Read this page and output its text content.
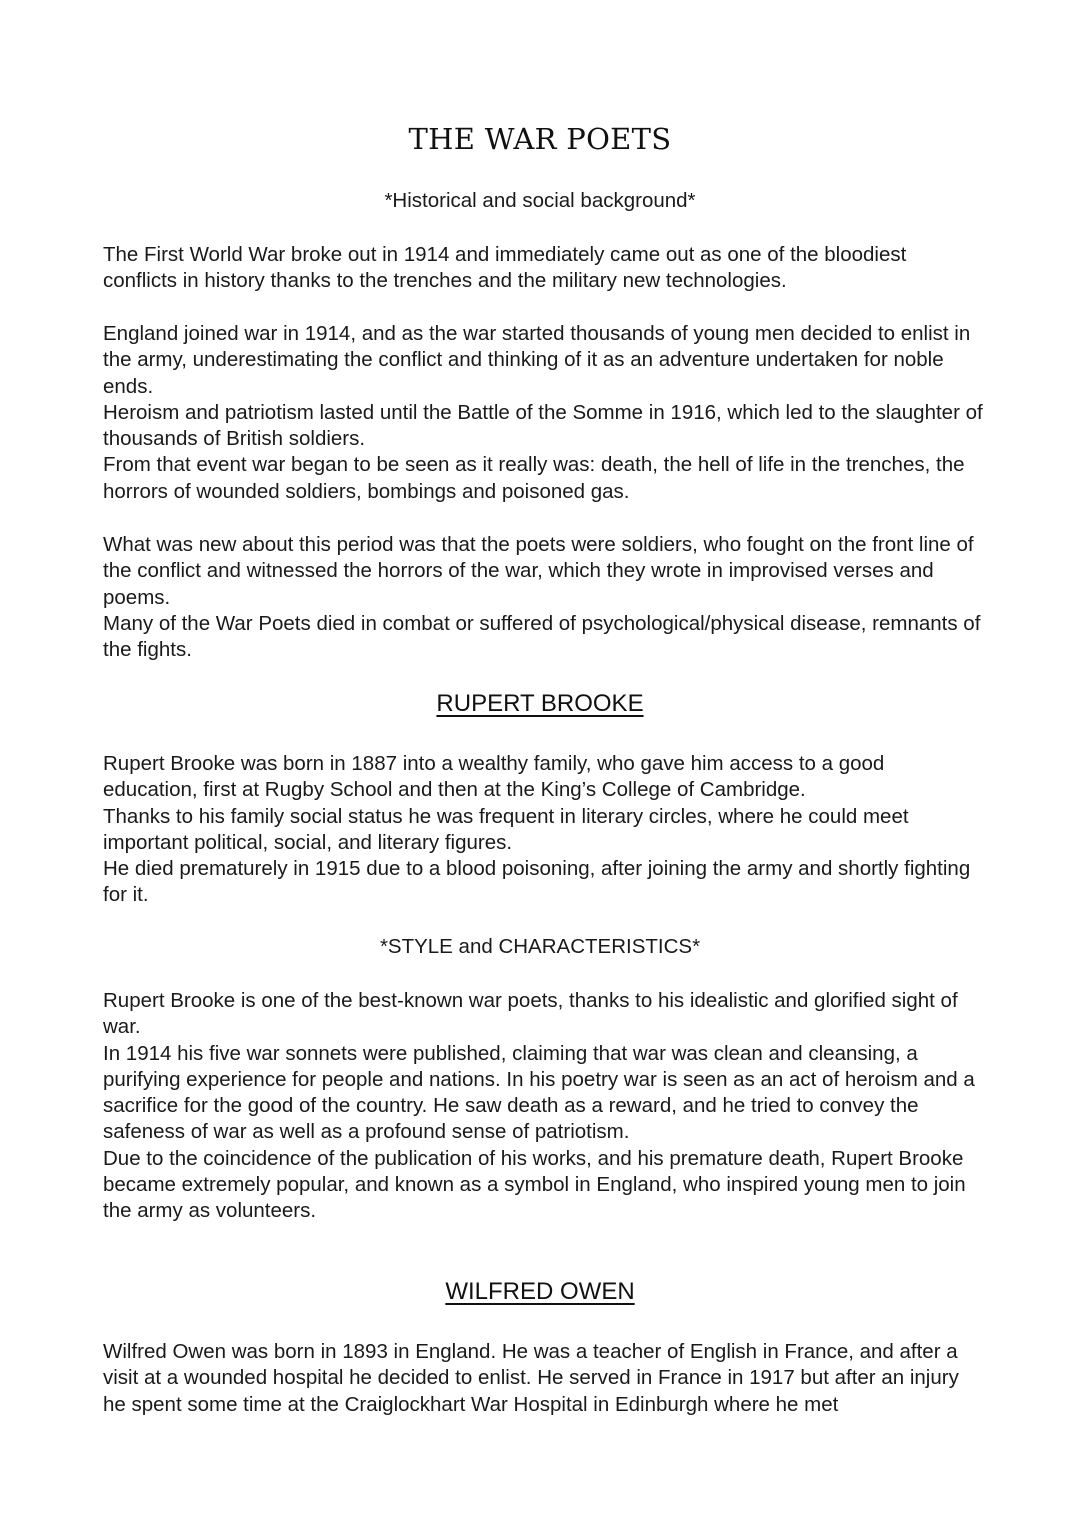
THE WAR POETS
*Historical and social background*

The First World War broke out in 1914 and immediately came out as one of the bloodiest conflicts in history thanks to the trenches and the military new technologies.

England joined war in 1914, and as the war started thousands of young men decided to enlist in the army, underestimating the conflict and thinking of it as an adventure undertaken for noble ends.

Heroism and patriotism lasted until the Battle of the Somme in 1916, which led to the slaughter of thousands of British soldiers.

From that event war began to be seen as it really was: death, the hell of life in the trenches, the horrors of wounded soldiers, bombings and poisoned gas.

What was new about this period was that the poets were soldiers, who fought on the front line of the conflict and witnessed the horrors of the war, which they wrote in improvised verses and poems.

Many of the War Poets died in combat or suffered of psychological/physical disease, remnants of the fights.

RUPERT BROOKE

Rupert Brooke was born in 1887 into a wealthy family, who gave him access to a good education, first at Rugby School and then at the King’s College of Cambridge.

Thanks to his family social status he was frequent in literary circles, where he could meet important political, social, and literary figures.

He died prematurely in 1915 due to a blood poisoning, after joining the army and shortly fighting for it.

*STYLE and CHARACTERISTICS*

Rupert Brooke is one of the best-known war poets, thanks to his idealistic and glorified sight of war.

In 1914 his five war sonnets were published, claiming that war was clean and cleansing, a purifying experience for people and nations. In his poetry war is seen as an act of heroism and a sacrifice for the good of the country. He saw death as a reward, and he tried to convey the safeness of war as well as a profound sense of patriotism.

Due to the coincidence of the publication of his works, and his premature death, Rupert Brooke became extremely popular, and known as a symbol in England, who inspired young men to join the army as volunteers.

WILFRED OWEN

Wilfred Owen was born in 1893 in England. He was a teacher of English in France, and after a visit at a wounded hospital he decided to enlist. He served in France in 1917 but after an injury he spent some time at the Craiglockhart War Hospital in Edinburgh where he met
